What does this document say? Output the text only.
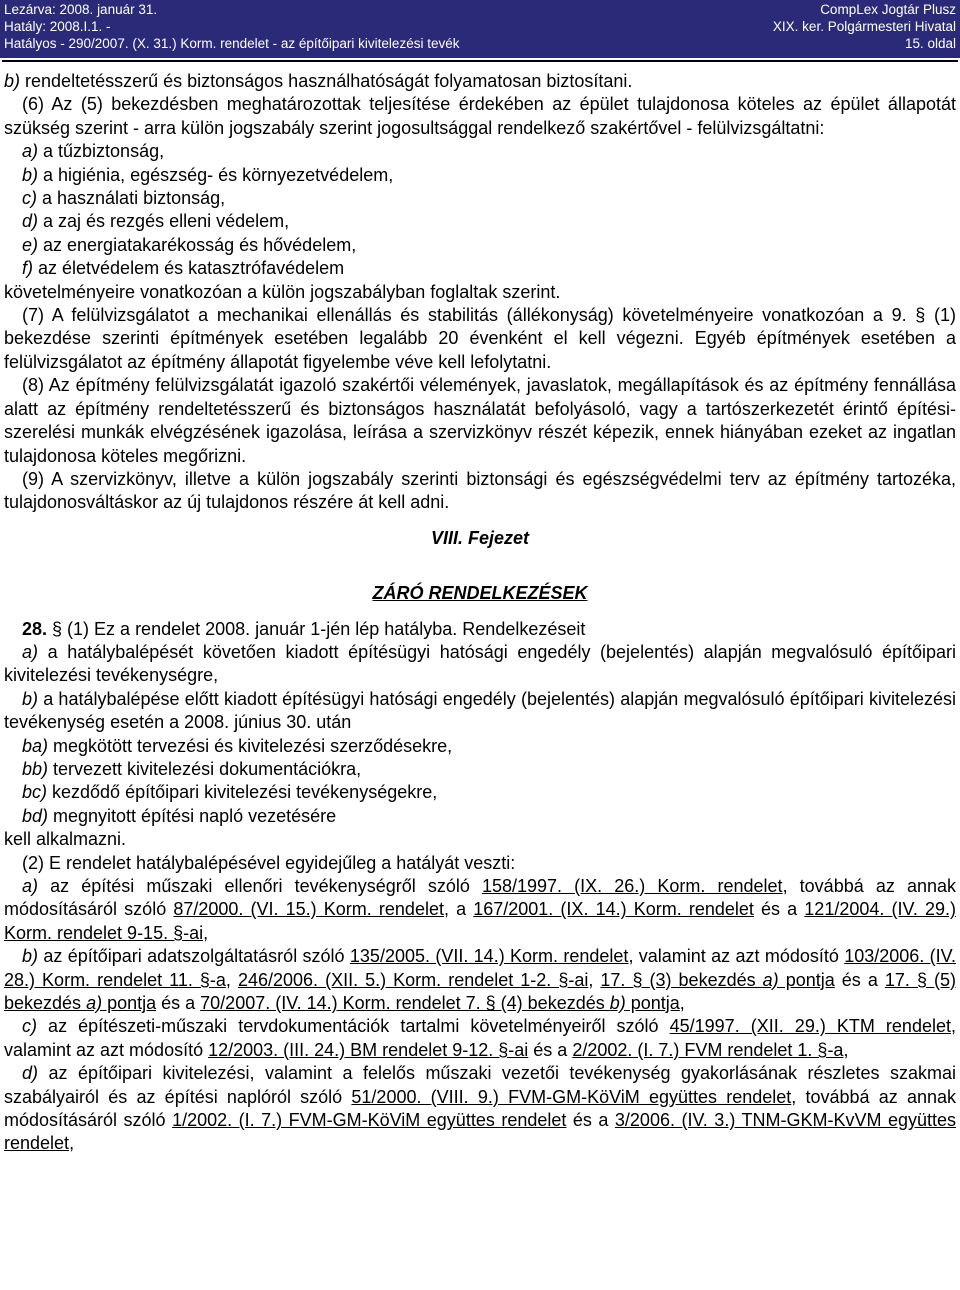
Lezárva: 2008. január 31.
Hatály: 2008.I.1. -
Hatályos - 290/2007. (X. 31.) Korm. rendelet - az építőipari kivitelezési tevék
CompLex Jogtár Plusz
XIX. ker. Polgármesteri Hivatal
15. oldal

b) rendeltetésszerű és biztonságos használhatóságát folyamatosan biztosítani.

(6) Az (5) bekezdésben meghatározottak teljesítése érdekében az épület tulajdonosa köteles az épület állapotát szükség szerint - arra külön jogszabály szerint jogosultsággal rendelkező szakértővel - felülvizsgáltatni:

a) a tűzbiztonság,
b) a higiénia, egészség- és környezetvédelem,
c) a használati biztonság,
d) a zaj és rezgés elleni védelem,
e) az energiatakarékosság és hővédelem,
f) az életvédelem és katasztrófavédelem

követelményeire vonatkozóan a külön jogszabályban foglaltak szerint.

(7) A felülvizsgálatot a mechanikai ellenállás és stabilitás (állékonyság) követelményeire vonatkozóan a 9. § (1) bekezdése szerinti építmények esetében legalább 20 évenként el kell végezni. Egyéb építmények esetében a felülvizsgálatot az építmény állapotát figyelembe véve kell lefolytatni.

(8) Az építmény felülvizsgálatát igazoló szakértői vélemények, javaslatok, megállapítások és az építmény fennállása alatt az építmény rendeltetésszerű és biztonságos használatát befolyásoló, vagy a tartószerkezetét érintő építési-szerelési munkák elvégzésének igazolása, leírása a szervizkönyv részét képezik, ennek hiányában ezeket az ingatlan tulajdonosa köteles megőrizni.

(9) A szervizkönyv, illetve a külön jogszabály szerinti biztonsági és egészségvédelmi terv az építmény tartozéka, tulajdonosváltáskor az új tulajdonos részére át kell adni.

VIII. Fejezet
ZÁRÓ RENDELKEZÉSEK

28. § (1) Ez a rendelet 2008. január 1-jén lép hatályba. Rendelkezéseit

a) a hatálybalépését követően kiadott építésügyi hatósági engedély (bejelentés) alapján megvalósuló építőipari kivitelezési tevékenységre,

b) a hatálybalépése előtt kiadott építésügyi hatósági engedély (bejelentés) alapján megvalósuló építőipari kivitelezési tevékenység esetén a 2008. június 30. után

ba) megkötött tervezési és kivitelezési szerződésekre,
bb) tervezett kivitelezési dokumentációkra,
bc) kezdődő építőipari kivitelezési tevékenységekre,
bd) megnyitott építési napló vezetésére

kell alkalmazni.

(2) E rendelet hatálybalépésével egyidejűleg a hatályát veszti:

a) az építési műszaki ellenőri tevékenységről szóló 158/1997. (IX. 26.) Korm. rendelet, továbbá az annak módosításáról szóló 87/2000. (VI. 15.) Korm. rendelet, a 167/2001. (IX. 14.) Korm. rendelet és a 121/2004. (IV. 29.) Korm. rendelet 9-15. §-ai,

b) az építőipari adatszolgáltatásról szóló 135/2005. (VII. 14.) Korm. rendelet, valamint az azt módosító 103/2006. (IV. 28.) Korm. rendelet 11. §-a, 246/2006. (XII. 5.) Korm. rendelet 1-2. §-ai, 17. § (3) bekezdés a) pontja és a 17. § (5) bekezdés a) pontja és a 70/2007. (IV. 14.) Korm. rendelet 7. § (4) bekezdés b) pontja,

c) az építészeti-műszaki tervdokumentációk tartalmi követelményeiről szóló 45/1997. (XII. 29.) KTM rendelet, valamint az azt módosító 12/2003. (III. 24.) BM rendelet 9-12. §-ai és a 2/2002. (I. 7.) FVM rendelet 1. §-a,

d) az építőipari kivitelezési, valamint a felelős műszaki vezetői tevékenység gyakorlásának részletes szakmai szabályairól és az építési naplóról szóló 51/2000. (VIII. 9.) FVM-GM-KöViM együttes rendelet, továbbá az annak módosításáról szóló 1/2002. (I. 7.) FVM-GM-KöViM együttes rendelet és a 3/2006. (IV. 3.) TNM-GKM-KvVM együttes rendelet,
